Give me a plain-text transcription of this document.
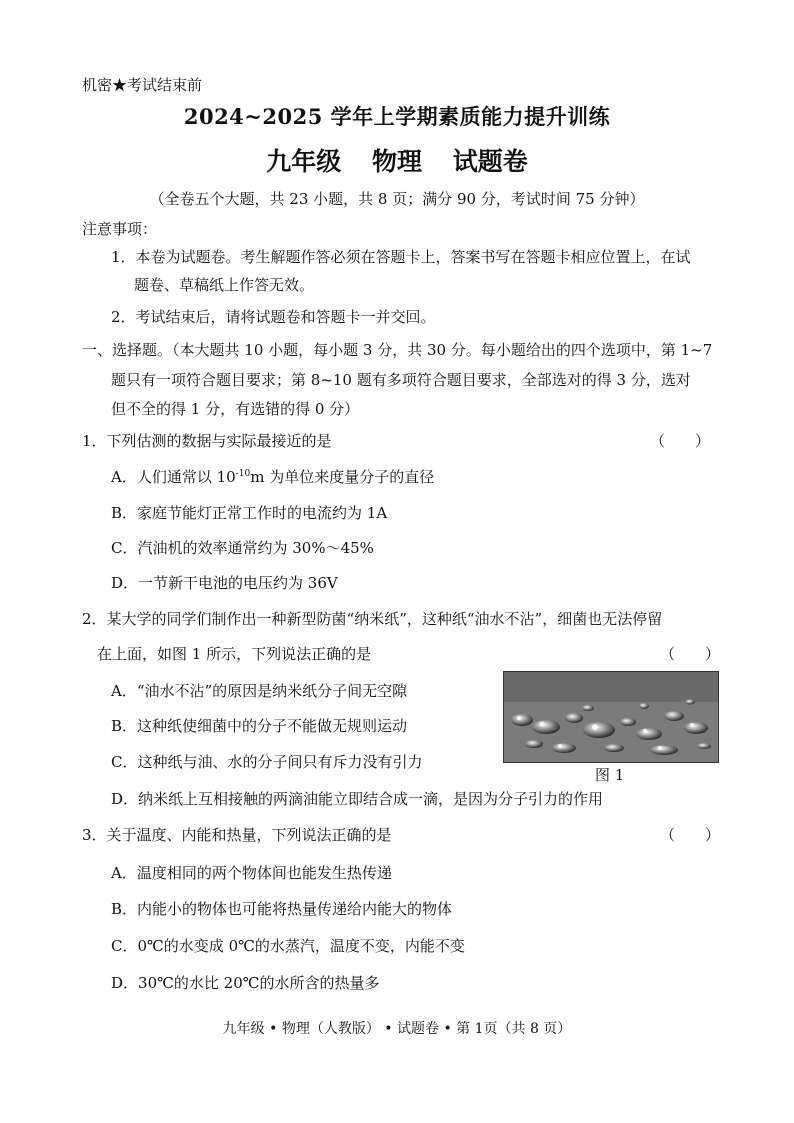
机密★考试结束前
2024~2025 学年上学期素质能力提升训练
九年级 物理 试题卷
（全卷五个大题，共 23 小题，共 8 页；满分 90 分，考试时间 75 分钟）
注意事项：
1．本卷为试题卷。考生解题作答必须在答题卡上，答案书写在答题卡相应位置上，在试
题卷、草稿纸上作答无效。
2．考试结束后，请将试题卷和答题卡一并交回。
一、选择题。（本大题共 10 小题，每小题 3 分，共 30 分。每小题给出的四个选项中，第 1~7
题只有一项符合题目要求；第 8~10 题有多项符合题目要求，全部选对的得 3 分，选对
但不全的得 1 分，有选错的得 0 分）
1．下列估测的数据与实际最接近的是	（　　）
A．人们通常以 $10^{-10}m$ 为单位来度量分子的直径
B．家庭节能灯正常工作时的电流约为 1A
C．汽油机的效率通常约为 30%～45%
D．一节新干电池的电压约为 36V
2．某大学的同学们制作出一种新型防菌“纳米纸”，这种纸“油水不沾”，细菌也无法停留
在上面，如图 1 所示，下列说法正确的是	（　　）
A．“油水不沾”的原因是纳米纸分子间无空隙
B．这种纸使细菌中的分子不能做无规则运动
C．这种纸与油、水的分子间只有斥力没有引力
D．纳米纸上互相接触的两滴油能立即结合成一滴，是因为分子引力的作用
图 1
3．关于温度、内能和热量，下列说法正确的是	（　　）
A．温度相同的两个物体间也能发生热传递
B．内能小的物体也可能将热量传递给内能大的物体
C．0℃的水变成 0℃的水蒸汽，温度不变，内能不变
D．30℃的水比 20℃的水所含的热量多
九年级 • 物理（人教版） • 试题卷 • 第 1页（共 8 页）
